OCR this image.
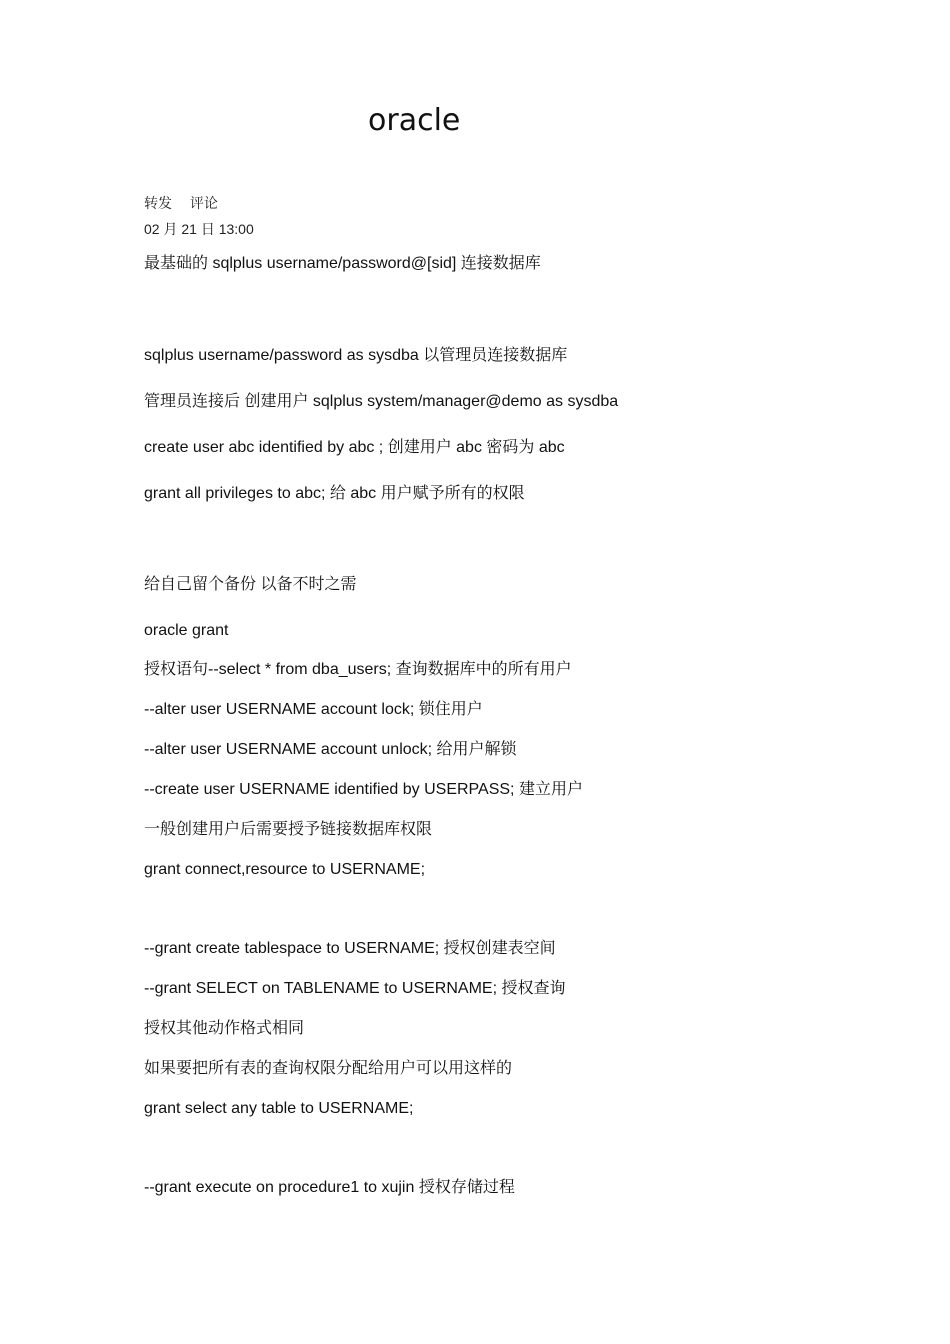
oracle
转发 评论
02 月 21 日 13:00
最基础的 sqlplus username/password@[sid] 连接数据库
sqlplus username/password as sysdba 以管理员连接数据库
管理员连接后 创建用户 sqlplus system/manager@demo as sysdba
create user abc identified by abc ; 创建用户 abc 密码为 abc
grant all privileges to abc; 给 abc 用户赋予所有的权限
给自己留个备份 以备不时之需
oracle grant
授权语句--select * from dba_users; 查询数据库中的所有用户
--alter user USERNAME account lock; 锁住用户
--alter user USERNAME account unlock; 给用户解锁
--create user USERNAME identified by USERPASS; 建立用户
一般创建用户后需要授予链接数据库权限
grant connect,resource to USERNAME;
--grant create tablespace to USERNAME; 授权创建表空间
--grant SELECT on TABLENAME to USERNAME; 授权查询
授权其他动作格式相同
如果要把所有表的查询权限分配给用户可以用这样的
grant select any table to USERNAME;
--grant execute on procedure1 to xujin 授权存储过程
